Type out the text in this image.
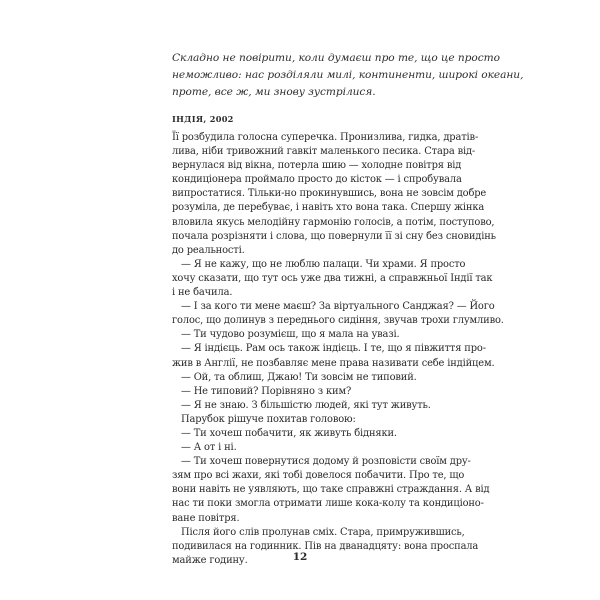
Складно не повірити, коли думаєш про те, що це просто
неможливо: нас розділяли милі, континенти, широкі океани,
проте, все ж, ми знову зустрілися.
ІНДІЯ, 2002
Її розбудила голосна суперечка. Пронизлива, гидка, дратів-
лива, ніби тривожний гавкіт маленького песика. Стара від-
вернулася від вікна, потерла шию — холодне повітря від
кондиціонера проймало просто до кісток — і спробувала
випростатися. Тільки-но прокинувшись, вона не зовсім добре
розуміла, де перебуває, і навіть хто вона така. Спершу жінка
вловила якусь мелодійну гармонію голосів, а потім, поступово,
почала розрізняти і слова, що повернули її зі сну без сновидінь
до реальності.
— Я не кажу, що не люблю палаци. Чи храми. Я просто
хочу сказати, що тут ось уже два тижні, а справжньої Індії так
і не бачила.
— І за кого ти мене маєш? За віртуального Санджая? — Його
голос, що долинув з переднього сидіння, звучав трохи глумливо.
— Ти чудово розумієш, що я мала на увазі.
— Я індієць. Рам ось також індієць. І те, що я півжиття про-
жив в Англії, не позбавляє мене права називати себе індійцем.
— Ой, та облиш, Джаю! Ти зовсім не типовий.
— Не типовий? Порівняно з ким?
— Я не знаю. З більшістю людей, які тут живуть.
Парубок рішуче похитав головою:
— Ти хочеш побачити, як живуть бідняки.
— А от і ні.
— Ти хочеш повернутися додому й розповісти своїм дру-
зям про всі жахи, які тобі довелося побачити. Про те, що
вони навіть не уявляють, що таке справжні страждання. А від
нас ти поки змогла отримати лише кока-колу та кондиціоно-
ване повітря.
Після його слів пролунав сміх. Стара, примружившись,
подивилася на годинник. Пів на дванадцяту: вона проспала
майже годину.	12
